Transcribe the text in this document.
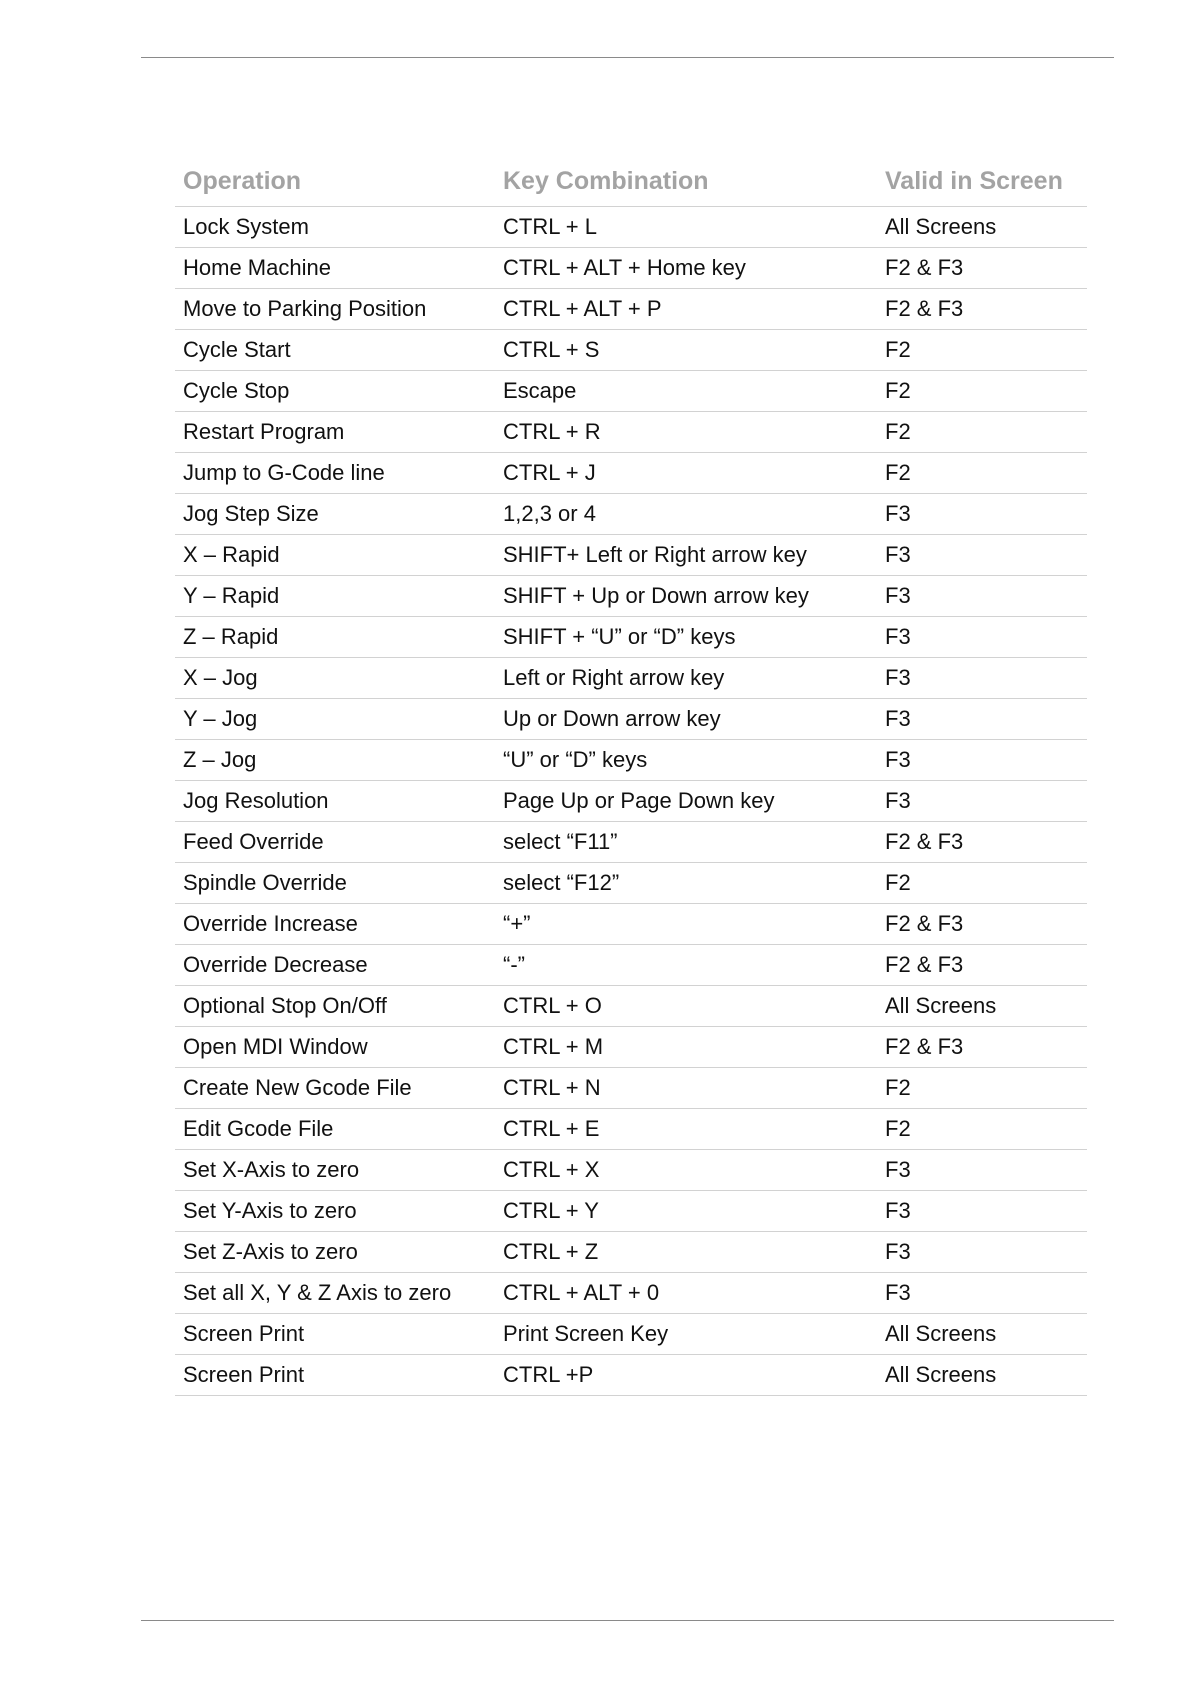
Operation	Key Combination	Valid in Screen
Lock System	CTRL + L	All Screens
Home Machine	CTRL + ALT + Home key	F2 & F3
Move to Parking Position	CTRL + ALT + P	F2 & F3
Cycle Start	CTRL + S	F2
Cycle Stop	Escape	F2
Restart Program	CTRL + R	F2
Jump to G-Code line	CTRL + J	F2
Jog Step Size	1,2,3 or 4	F3
X – Rapid	SHIFT+ Left or Right arrow key	F3
Y – Rapid	SHIFT + Up or Down arrow key	F3
Z – Rapid	SHIFT + “U” or “D” keys	F3
X – Jog	Left or Right arrow key	F3
Y – Jog	Up or Down arrow key	F3
Z – Jog	“U” or “D” keys	F3
Jog Resolution	Page Up or Page Down key	F3
Feed Override	select “F11”	F2 & F3
Spindle Override	select “F12”	F2
Override Increase	“+”	F2 & F3
Override Decrease	“-”	F2 & F3
Optional Stop On/Off	CTRL + O	All Screens
Open MDI Window	CTRL + M	F2 & F3
Create New Gcode File	CTRL + N	F2
Edit Gcode File	CTRL + E	F2
Set X-Axis to zero	CTRL + X	F3
Set Y-Axis to zero	CTRL + Y	F3
Set Z-Axis to zero	CTRL + Z	F3
Set all X, Y & Z Axis to zero	CTRL + ALT + 0	F3
Screen Print	Print Screen Key	All Screens
Screen Print	CTRL +P	All Screens
